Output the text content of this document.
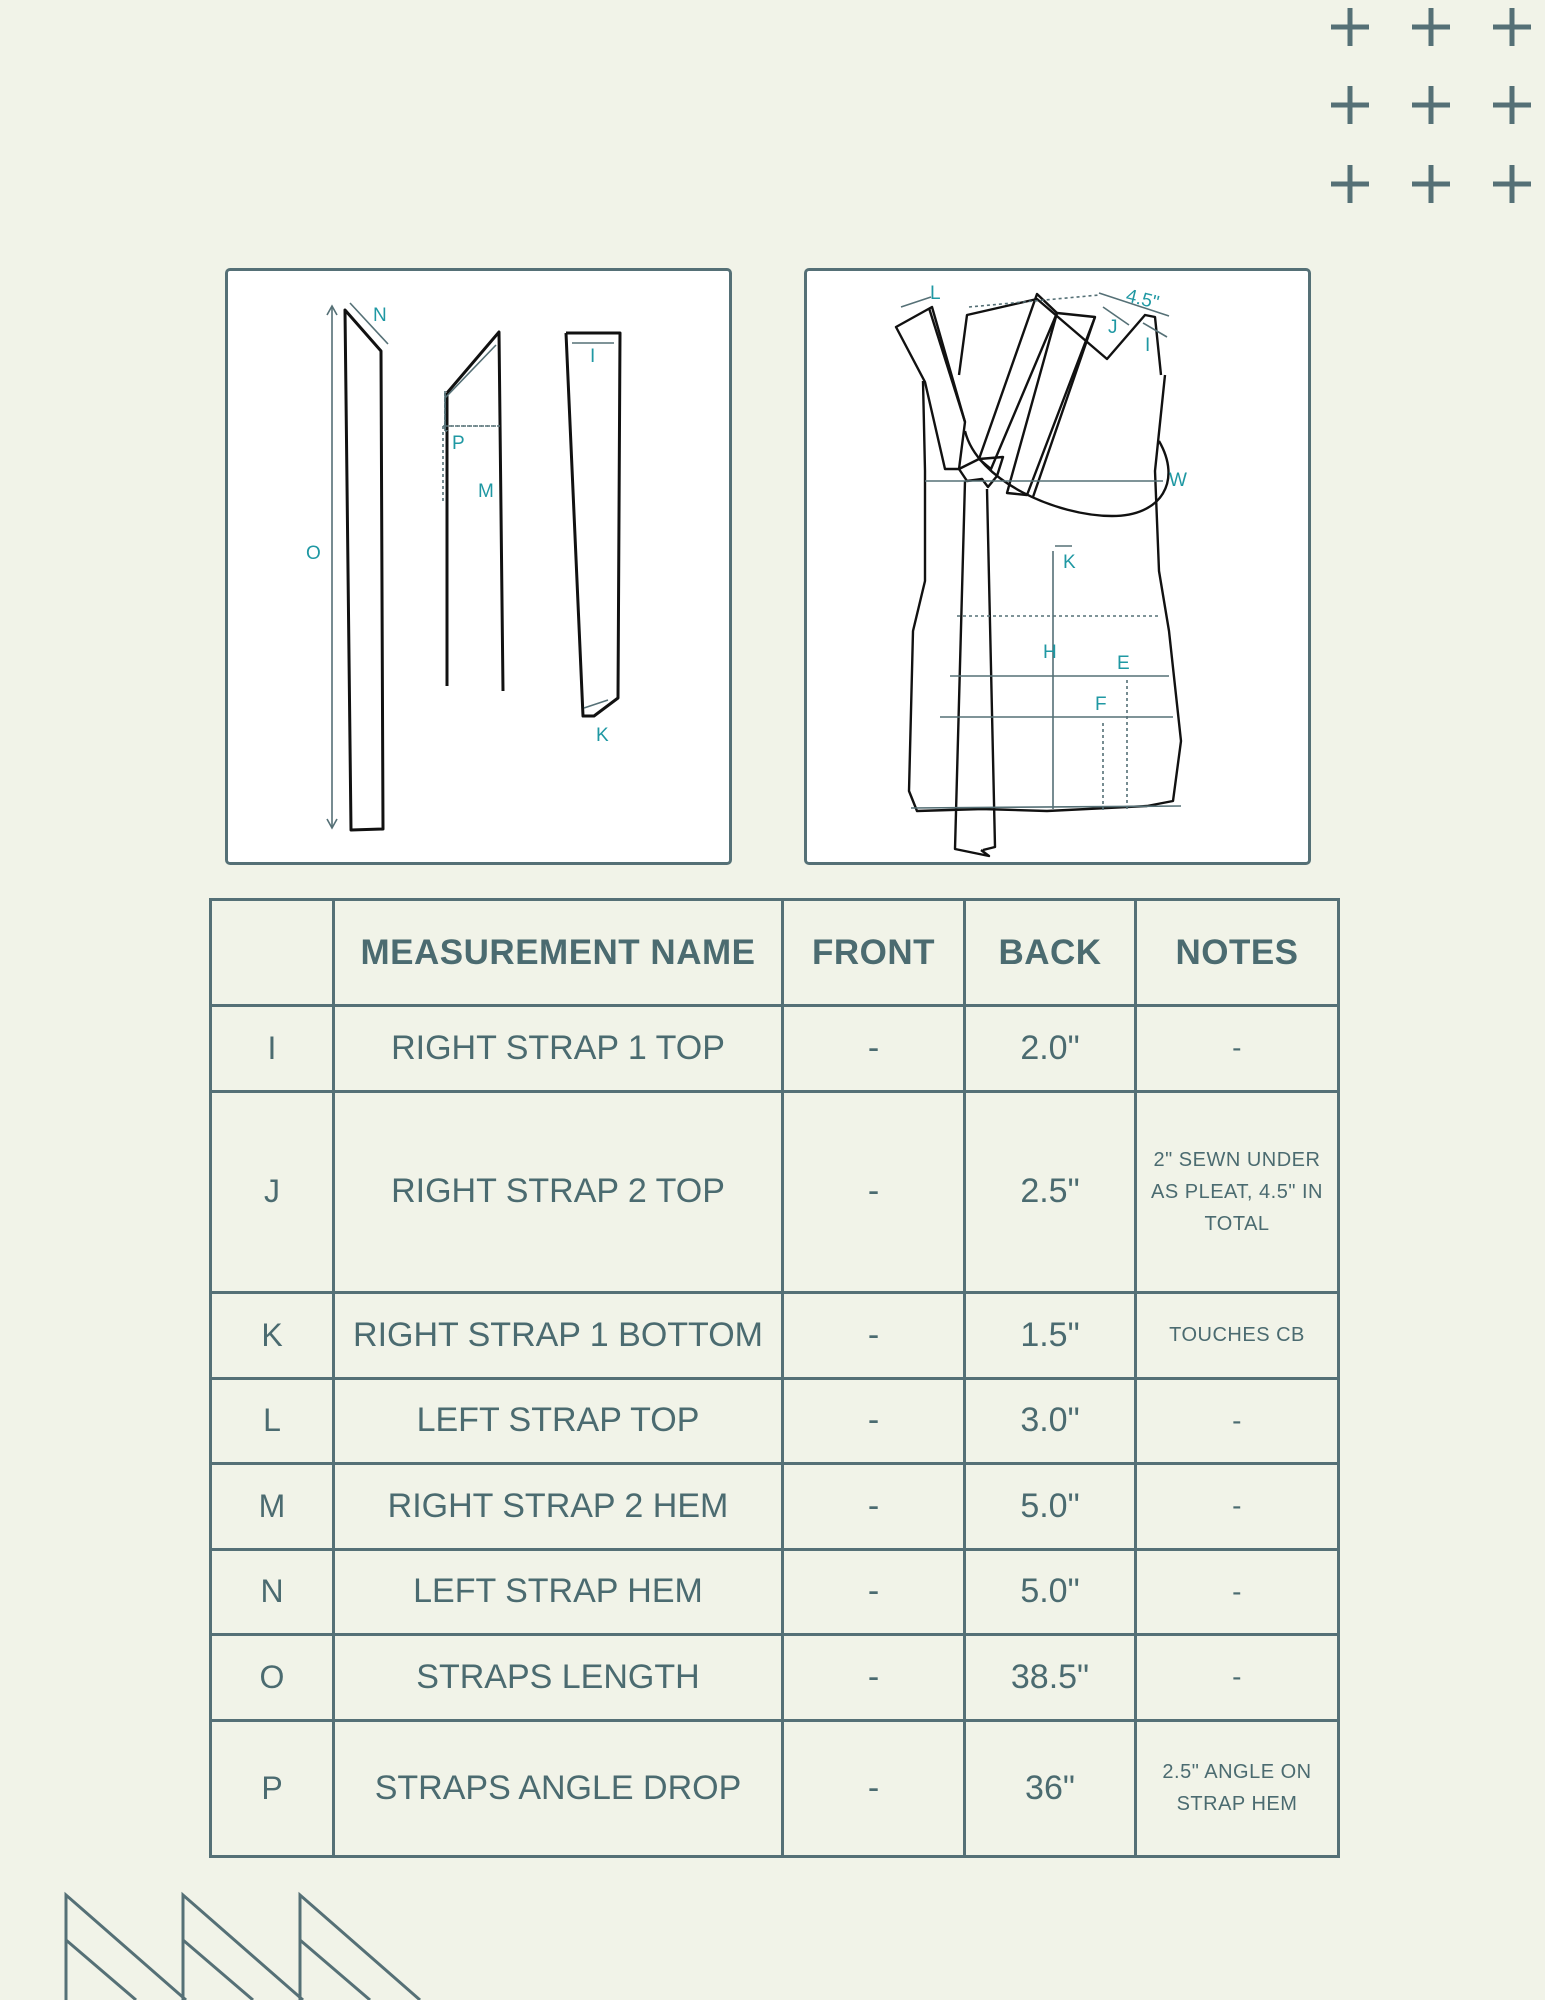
N
O
P
M
I
K
L	4.5"
J
I
W
K
H
E
F
	MEASUREMENT NAME	FRONT	BACK	NOTES
I	RIGHT STRAP 1 TOP	-	2.0"	-
J	RIGHT STRAP 2 TOP	-	2.5"	2" SEWN UNDER AS PLEAT, 4.5" IN TOTAL
K	RIGHT STRAP 1 BOTTOM	-	1.5"	TOUCHES CB
L	LEFT STRAP TOP	-	3.0"	-
M	RIGHT STRAP 2 HEM	-	5.0"	-
N	LEFT STRAP HEM	-	5.0"	-
O	STRAPS LENGTH	-	38.5"	-
P	STRAPS ANGLE DROP	-	36"	2.5" ANGLE ON STRAP HEM
